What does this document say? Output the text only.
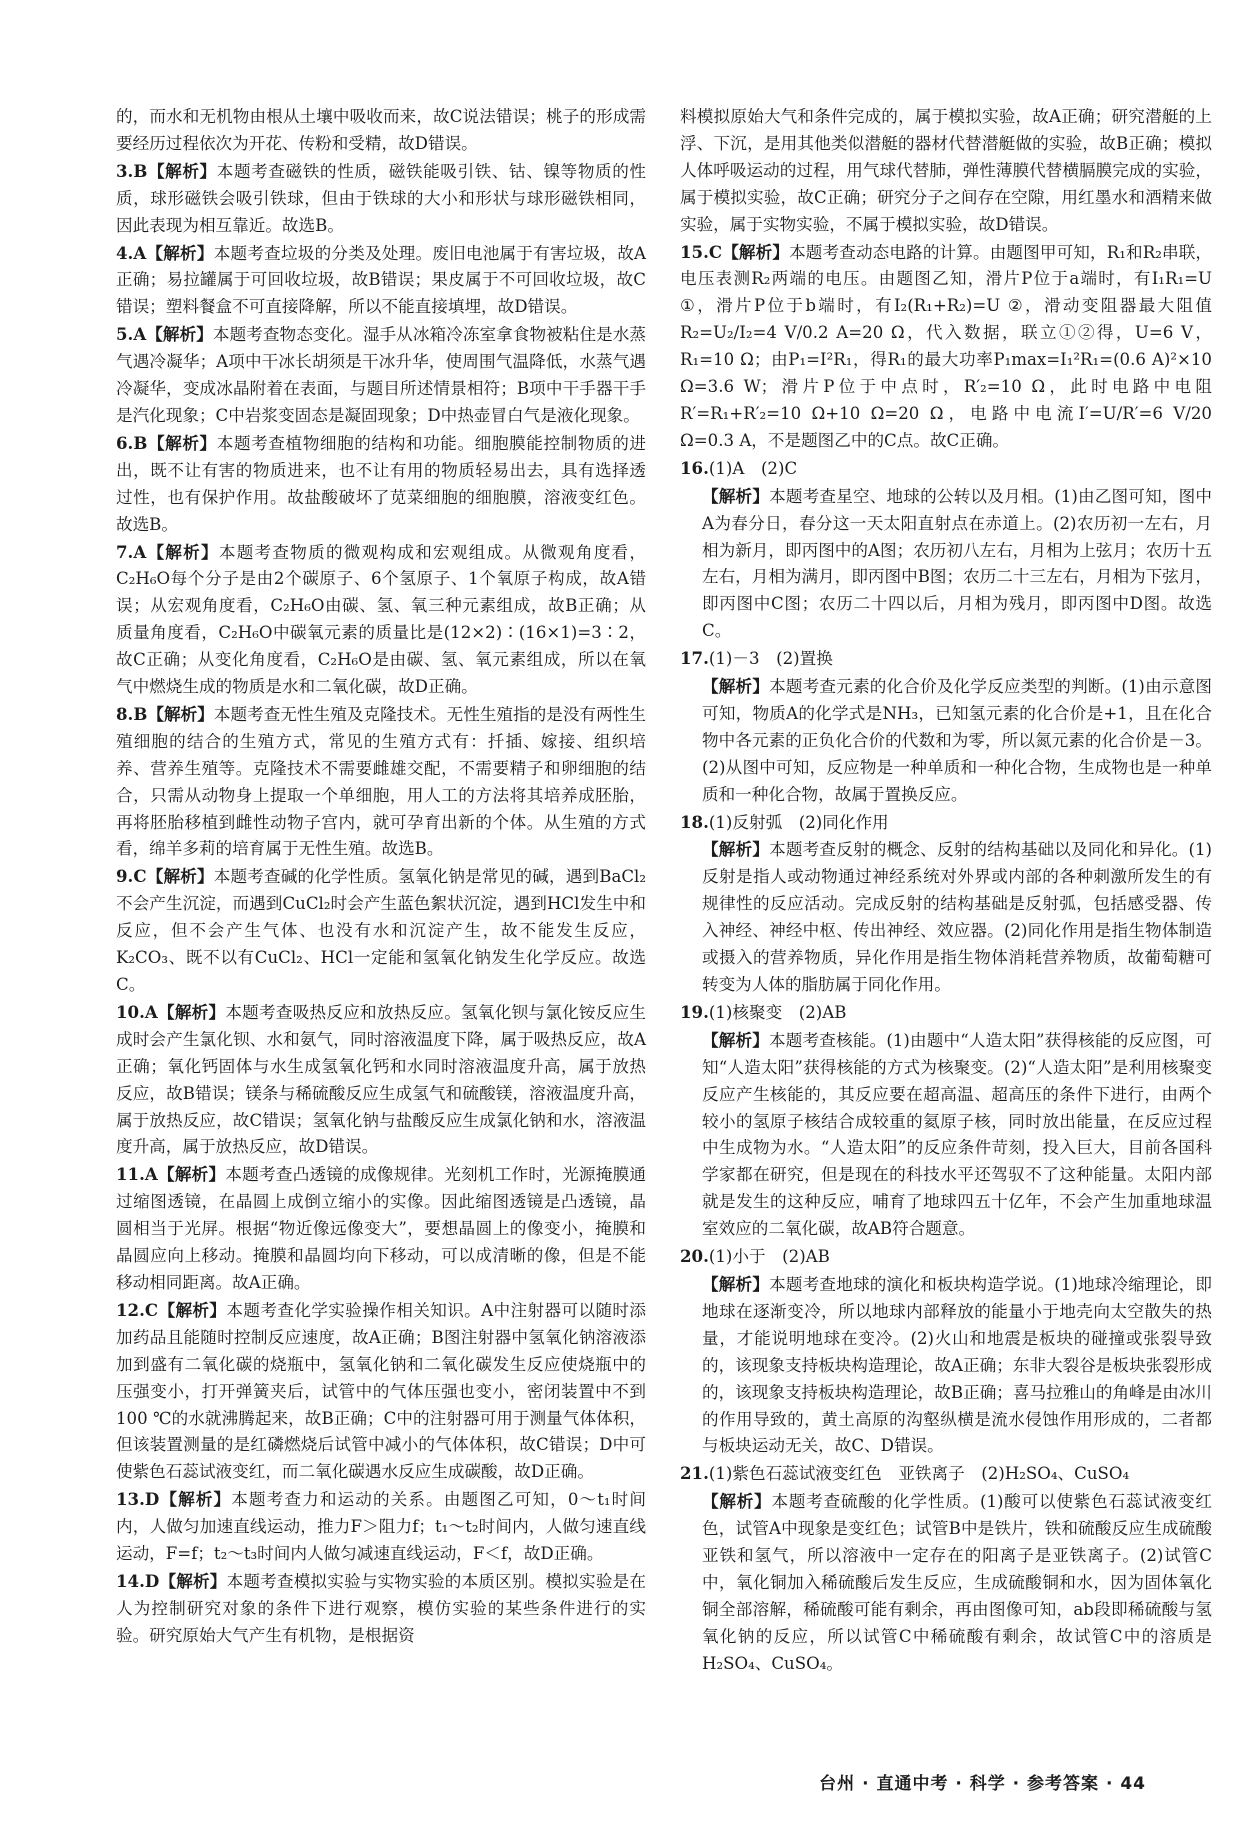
的，而水和无机物由根从土壤中吸收而来，故C说法错误；桃子的形成需要经历过程依次为开花、传粉和受精，故D错误。

3.B【解析】本题考查磁铁的性质，磁铁能吸引铁、钴、镍等物质的性质，球形磁铁会吸引铁球，但由于铁球的大小和形状与球形磁铁相同，因此表现为相互靠近。故选B。

4.A【解析】本题考查垃圾的分类及处理。废旧电池属于有害垃圾，故A正确；易拉罐属于可回收垃圾，故B错误；果皮属于不可回收垃圾，故C错误；塑料餐盒不可直接降解，所以不能直接填埋，故D错误。

5.A【解析】本题考查物态变化。湿手从冰箱冷冻室拿食物被粘住是水蒸气遇冷凝华；A项中干冰长胡须是干冰升华，使周围气温降低，水蒸气遇冷凝华，变成冰晶附着在表面，与题目所述情景相符；B项中干手器干手是汽化现象；C中岩浆变固态是凝固现象；D中热壶冒白气是液化现象。

6.B【解析】本题考查植物细胞的结构和功能。细胞膜能控制物质的进出，既不让有害的物质进来，也不让有用的物质轻易出去，具有选择透过性，也有保护作用。故盐酸破坏了苋菜细胞的细胞膜，溶液变红色。故选B。

7.A【解析】本题考查物质的微观构成和宏观组成。从微观角度看，C₂H₆O每个分子是由2个碳原子、6个氢原子、1个氧原子构成，故A错误；从宏观角度看，C₂H₆O由碳、氢、氧三种元素组成，故B正确；从质量角度看，C₂H₆O中碳氧元素的质量比是(12×2)∶(16×1)=3∶2，故C正确；从变化角度看，C₂H₆O是由碳、氢、氧元素组成，所以在氧气中燃烧生成的物质是水和二氧化碳，故D正确。

8.B【解析】本题考查无性生殖及克隆技术。无性生殖指的是没有两性生殖细胞的结合的生殖方式，常见的生殖方式有：扦插、嫁接、组织培养、营养生殖等。克隆技术不需要雌雄交配，不需要精子和卵细胞的结合，只需从动物身上提取一个单细胞，用人工的方法将其培养成胚胎，再将胚胎移植到雌性动物子宫内，就可孕育出新的个体。从生殖的方式看，绵羊多莉的培育属于无性生殖。故选B。

9.C【解析】本题考查碱的化学性质。氢氧化钠是常见的碱，遇到BaCl₂不会产生沉淀，而遇到CuCl₂时会产生蓝色絮状沉淀，遇到HCl发生中和反应，但不会产生气体、也没有水和沉淀产生，故不能发生反应，K₂CO₃、既不以有CuCl₂、HCl一定能和氢氧化钠发生化学反应。故选C。

10.A【解析】本题考查吸热反应和放热反应。氢氧化钡与氯化铵反应生成时会产生氯化钡、水和氨气，同时溶液温度下降，属于吸热反应，故A正确；氧化钙固体与水生成氢氧化钙和水同时溶液温度升高，属于放热反应，故B错误；镁条与稀硫酸反应生成氢气和硫酸镁，溶液温度升高，属于放热反应，故C错误；氢氧化钠与盐酸反应生成氯化钠和水，溶液温度升高，属于放热反应，故D错误。

11.A【解析】本题考查凸透镜的成像规律。光刻机工作时，光源掩膜通过缩图透镜，在晶圆上成倒立缩小的实像。因此缩图透镜是凸透镜，晶圆相当于光屏。根据“物近像远像变大”，要想晶圆上的像变小，掩膜和晶圆应向上移动。掩膜和晶圆均向下移动，可以成清晰的像，但是不能移动相同距离。故A正确。

12.C【解析】本题考查化学实验操作相关知识。A中注射器可以随时添加药品且能随时控制反应速度，故A正确；B图注射器中氢氧化钠溶液添加到盛有二氧化碳的烧瓶中，氢氧化钠和二氧化碳发生反应使烧瓶中的压强变小，打开弹簧夹后，试管中的气体压强也变小，密闭装置中不到100 ℃的水就沸腾起来，故B正确；C中的注射器可用于测量气体体积，但该装置测量的是红磷燃烧后试管中减小的气体体积，故C错误；D中可使紫色石蕊试液变红，而二氧化碳遇水反应生成碳酸，故D正确。

13.D【解析】本题考查力和运动的关系。由题图乙可知，0～t₁时间内，人做匀加速直线运动，推力F＞阻力f；t₁～t₂时间内，人做匀速直线运动，F=f；t₂～t₃时间内人做匀减速直线运动，F＜f，故D正确。

14.D【解析】本题考查模拟实验与实物实验的本质区别。模拟实验是在人为控制研究对象的条件下进行观察，模仿实验的某些条件进行的实验。研究原始大气产生有机物，是根据资

料模拟原始大气和条件完成的，属于模拟实验，故A正确；研究潜艇的上浮、下沉，是用其他类似潜艇的器材代替潜艇做的实验，故B正确；模拟人体呼吸运动的过程，用气球代替肺，弹性薄膜代替横膈膜完成的实验，属于模拟实验，故C正确；研究分子之间存在空隙，用红墨水和酒精来做实验，属于实物实验，不属于模拟实验，故D错误。

15.C【解析】本题考查动态电路的计算。由题图甲可知，R₁和R₂串联，电压表测R₂两端的电压。由题图乙知，滑片P位于a端时，有I₁R₁=U ①，滑片P位于b端时，有I₂(R₁+R₂)=U ②，滑动变阻器最大阻值R₂=U₂/I₂=4 V/0.2 A=20 Ω，代入数据，联立①②得，U=6 V，R₁=10 Ω；由P₁=I²R₁，得R₁的最大功率P₁max=I₁²R₁=(0.6 A)²×10 Ω=3.6 W；滑片P位于中点时，R′₂=10 Ω，此时电路中电阻R′=R₁+R′₂=10 Ω+10 Ω=20 Ω，电路中电流I′=U/R′=6 V/20 Ω=0.3 A，不是题图乙中的C点。故C正确。

16.(1)A　(2)C

【解析】本题考查星空、地球的公转以及月相。(1)由乙图可知，图中A为春分日，春分这一天太阳直射点在赤道上。(2)农历初一左右，月相为新月，即丙图中的A图；农历初八左右，月相为上弦月；农历十五左右，月相为满月，即丙图中B图；农历二十三左右，月相为下弦月，即丙图中C图；农历二十四以后，月相为残月，即丙图中D图。故选C。

17.(1)－3　(2)置换

【解析】本题考查元素的化合价及化学反应类型的判断。(1)由示意图可知，物质A的化学式是NH₃，已知氢元素的化合价是+1，且在化合物中各元素的正负化合价的代数和为零，所以氮元素的化合价是－3。(2)从图中可知，反应物是一种单质和一种化合物，生成物也是一种单质和一种化合物，故属于置换反应。

18.(1)反射弧　(2)同化作用

【解析】本题考查反射的概念、反射的结构基础以及同化和异化。(1)反射是指人或动物通过神经系统对外界或内部的各种刺激所发生的有规律性的反应活动。完成反射的结构基础是反射弧，包括感受器、传入神经、神经中枢、传出神经、效应器。(2)同化作用是指生物体制造或摄入的营养物质，异化作用是指生物体消耗营养物质，故葡萄糖可转变为人体的脂肪属于同化作用。

19.(1)核聚变　(2)AB

【解析】本题考查核能。(1)由题中“人造太阳”获得核能的反应图，可知“人造太阳”获得核能的方式为核聚变。(2)“人造太阳”是利用核聚变反应产生核能的，其反应要在超高温、超高压的条件下进行，由两个较小的氢原子核结合成较重的氦原子核，同时放出能量，在反应过程中生成物为水。“人造太阳”的反应条件苛刻，投入巨大，目前各国科学家都在研究，但是现在的科技水平还驾驭不了这种能量。太阳内部就是发生的这种反应，哺育了地球四五十亿年，不会产生加重地球温室效应的二氧化碳，故AB符合题意。

20.(1)小于　(2)AB

【解析】本题考查地球的演化和板块构造学说。(1)地球冷缩理论，即地球在逐渐变冷，所以地球内部释放的能量小于地壳向太空散失的热量，才能说明地球在变冷。(2)火山和地震是板块的碰撞或张裂导致的，该现象支持板块构造理论，故A正确；东非大裂谷是板块张裂形成的，该现象支持板块构造理论，故B正确；喜马拉雅山的角峰是由冰川的作用导致的，黄土高原的沟壑纵横是流水侵蚀作用形成的，二者都与板块运动无关，故C、D错误。

21.(1)紫色石蕊试液变红色　亚铁离子　(2)H₂SO₄、CuSO₄

【解析】本题考查硫酸的化学性质。(1)酸可以使紫色石蕊试液变红色，试管A中现象是变红色；试管B中是铁片，铁和硫酸反应生成硫酸亚铁和氢气，所以溶液中一定存在的阳离子是亚铁离子。(2)试管C中，氧化铜加入稀硫酸后发生反应，生成硫酸铜和水，因为固体氧化铜全部溶解，稀硫酸可能有剩余，再由图像可知，ab段即稀硫酸与氢氧化钠的反应，所以试管C中稀硫酸有剩余，故试管C中的溶质是H₂SO₄、CuSO₄。

台州 · 直通中考 · 科学 · 参考答案 · 44
